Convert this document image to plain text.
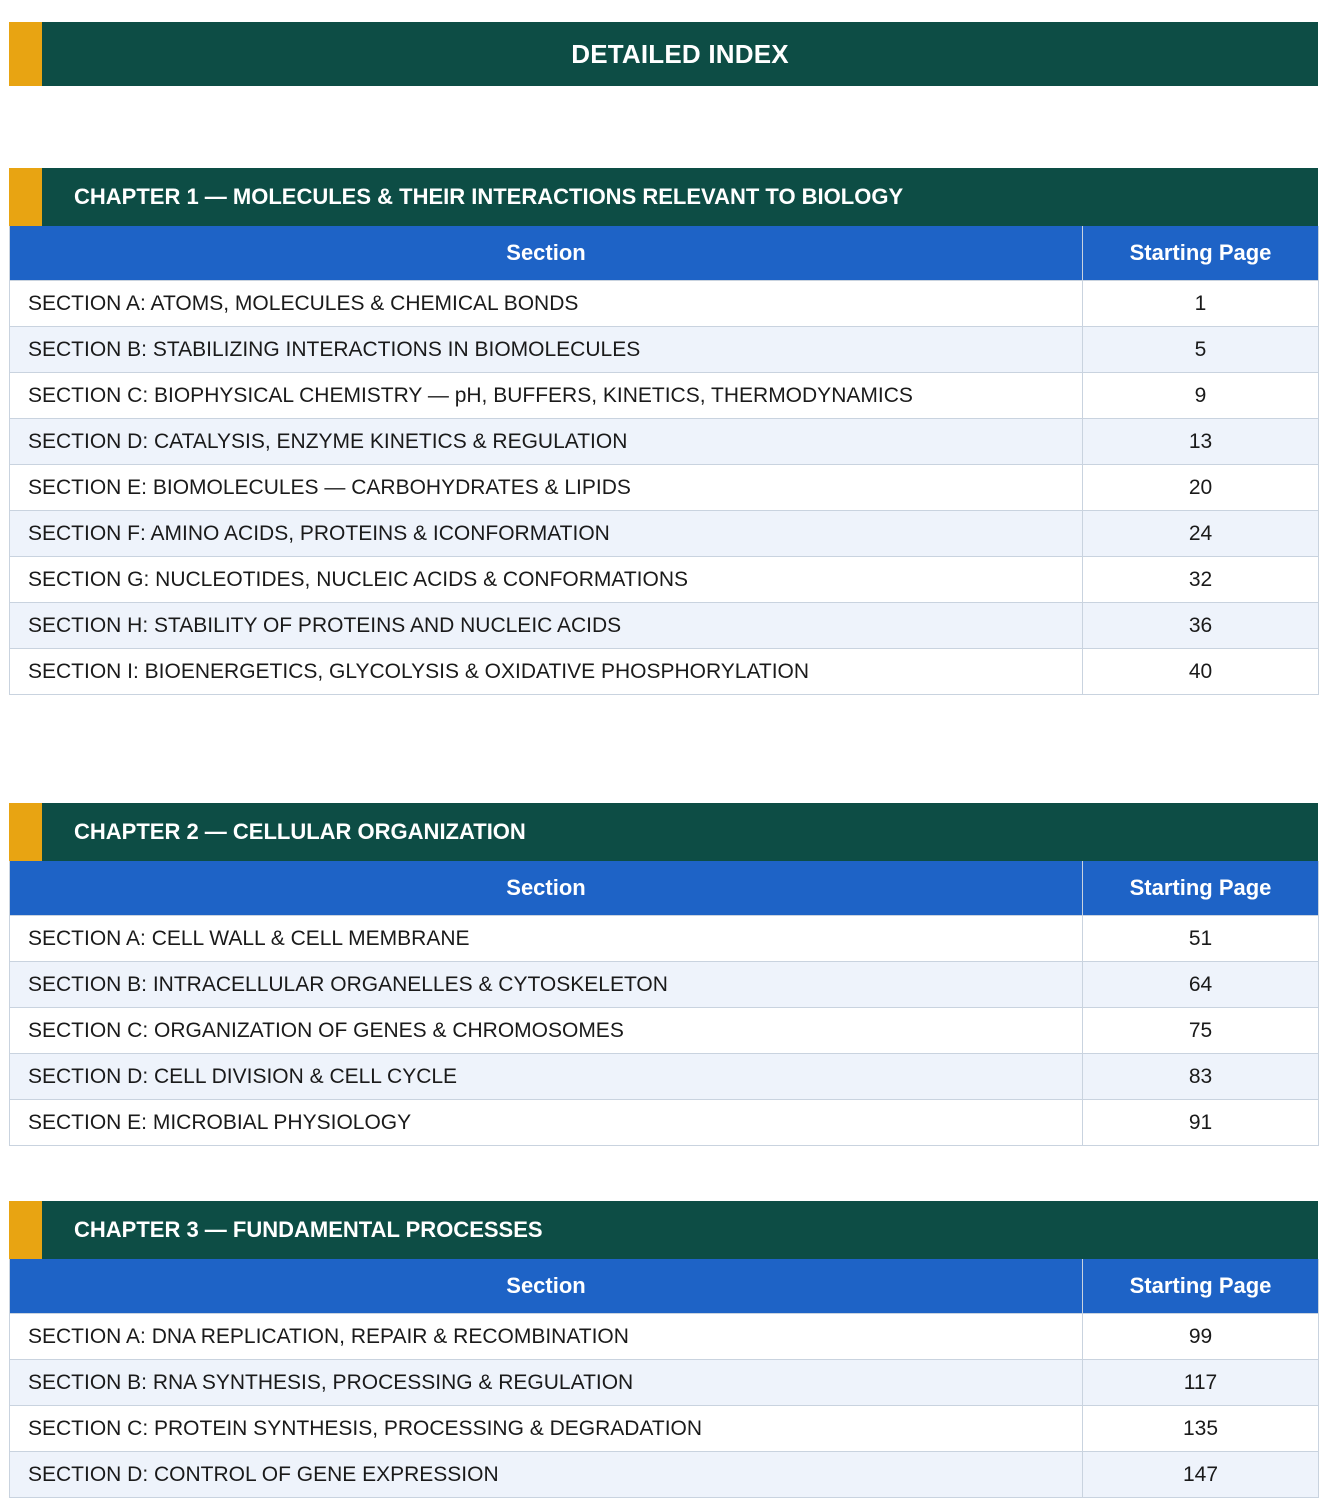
DETAILED INDEX
CHAPTER 1 — MOLECULES & THEIR INTERACTIONS RELEVANT TO BIOLOGY
Section	Starting Page
SECTION A: ATOMS, MOLECULES & CHEMICAL BONDS	1
SECTION B: STABILIZING INTERACTIONS IN BIOMOLECULES	5
SECTION C: BIOPHYSICAL CHEMISTRY — pH, BUFFERS, KINETICS, THERMODYNAMICS	9
SECTION D: CATALYSIS, ENZYME KINETICS & REGULATION	13
SECTION E: BIOMOLECULES — CARBOHYDRATES & LIPIDS	20
SECTION F: AMINO ACIDS, PROTEINS & ICONFORMATION	24
SECTION G: NUCLEOTIDES, NUCLEIC ACIDS & CONFORMATIONS	32
SECTION H: STABILITY OF PROTEINS AND NUCLEIC ACIDS	36
SECTION I: BIOENERGETICS, GLYCOLYSIS & OXIDATIVE PHOSPHORYLATION	40
CHAPTER 2 — CELLULAR ORGANIZATION
Section	Starting Page
SECTION A: CELL WALL & CELL MEMBRANE	51
SECTION B: INTRACELLULAR ORGANELLES & CYTOSKELETON	64
SECTION C: ORGANIZATION OF GENES & CHROMOSOMES	75
SECTION D: CELL DIVISION & CELL CYCLE	83
SECTION E: MICROBIAL PHYSIOLOGY	91
CHAPTER 3 — FUNDAMENTAL PROCESSES
Section	Starting Page
SECTION A: DNA REPLICATION, REPAIR & RECOMBINATION	99
SECTION B: RNA SYNTHESIS, PROCESSING & REGULATION	117
SECTION C: PROTEIN SYNTHESIS, PROCESSING & DEGRADATION	135
SECTION D: CONTROL OF GENE EXPRESSION	147
